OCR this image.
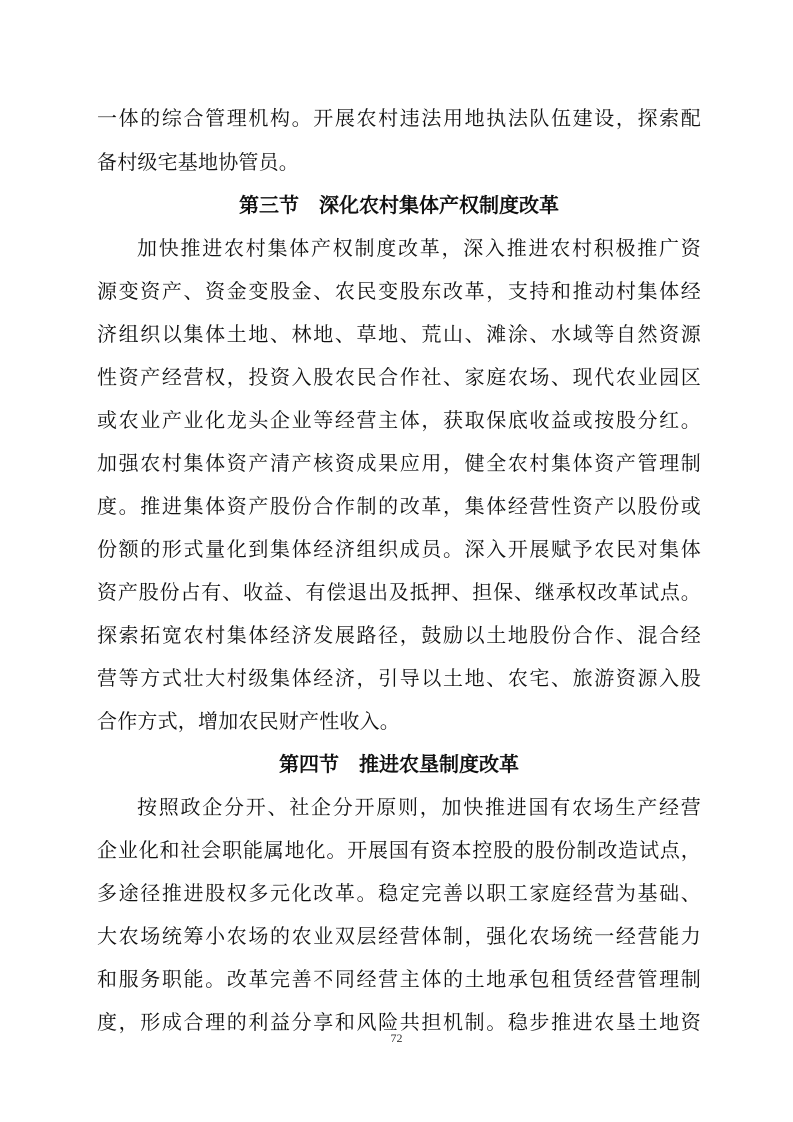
一体的综合管理机构。开展农村违法用地执法队伍建设，探索配
备村级宅基地协管员。
第三节　深化农村集体产权制度改革
加快推进农村集体产权制度改革，深入推进农村积极推广资
源变资产、资金变股金、农民变股东改革，支持和推动村集体经
济组织以集体土地、林地、草地、荒山、滩涂、水域等自然资源
性资产经营权，投资入股农民合作社、家庭农场、现代农业园区
或农业产业化龙头企业等经营主体，获取保底收益或按股分红。
加强农村集体资产清产核资成果应用，健全农村集体资产管理制
度。推进集体资产股份合作制的改革，集体经营性资产以股份或
份额的形式量化到集体经济组织成员。深入开展赋予农民对集体
资产股份占有、收益、有偿退出及抵押、担保、继承权改革试点。
探索拓宽农村集体经济发展路径，鼓励以土地股份合作、混合经
营等方式壮大村级集体经济，引导以土地、农宅、旅游资源入股
合作方式，增加农民财产性收入。
第四节　推进农垦制度改革
按照政企分开、社企分开原则，加快推进国有农场生产经营
企业化和社会职能属地化。开展国有资本控股的股份制改造试点，
多途径推进股权多元化改革。稳定完善以职工家庭经营为基础、
大农场统筹小农场的农业双层经营体制，强化农场统一经营能力
和服务职能。改革完善不同经营主体的土地承包租赁经营管理制
度，形成合理的利益分享和风险共担机制。稳步推进农垦土地资
72
